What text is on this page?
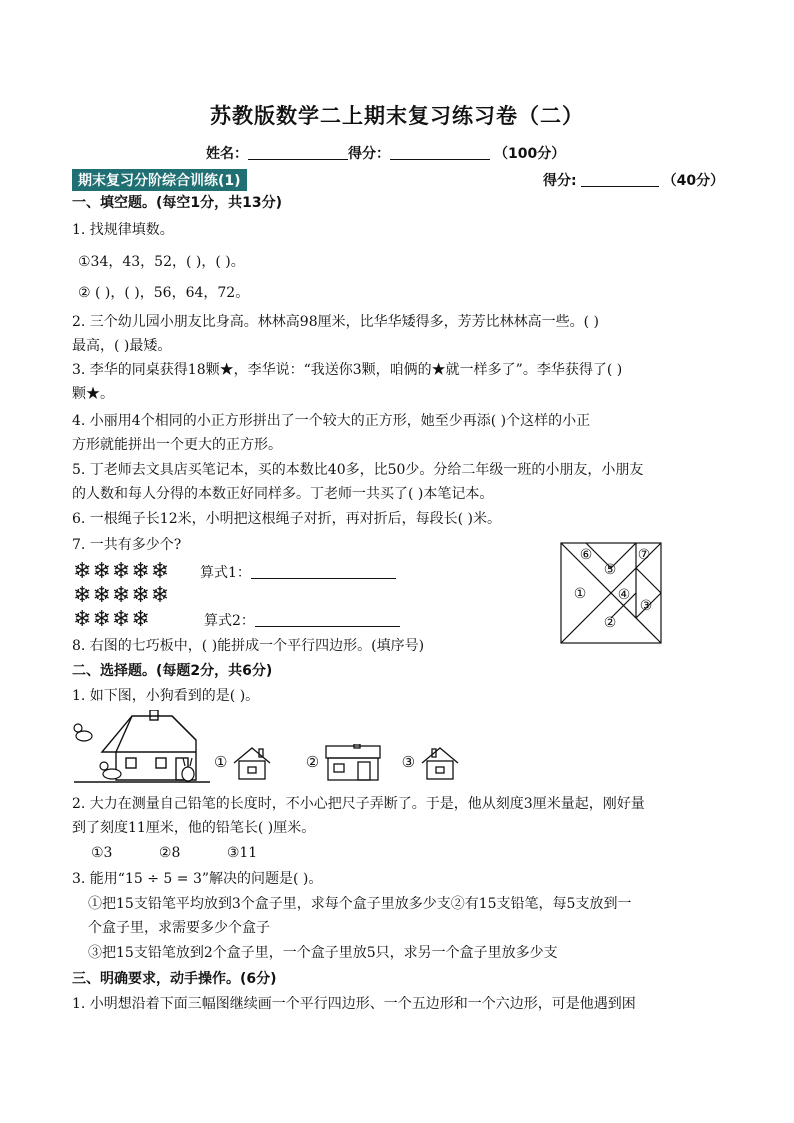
苏教版数学二上期末复习练习卷（二）
姓名：	得分：	（100分）
期末复习分阶综合训练(1)	得分:	（40分）
一、填空题。(每空1分，共13分)
1. 找规律填数。
①34，43，52，( )，( )。
② ( )，( )，56，64，72。
2. 三个幼儿园小朋友比身高。林林高98厘米，比华华矮得多，芳芳比林林高一些。( )
最高，( )最矮。
3. 李华的同桌获得18颗★，李华说：“我送你3颗，咱俩的★就一样多了”。李华获得了( )
颗★。
4. 小丽用4个相同的小正方形拼出了一个较大的正方形，她至少再添( )个这样的小正
方形就能拼出一个更大的正方形。
5. 丁老师去文具店买笔记本，买的本数比40多，比50少。分给二年级一班的小朋友，小朋友
的人数和每人分得的本数正好同样多。丁老师一共买了( )本笔记本。
6. 一根绳子长12米，小明把这根绳子对折，再对折后，每段长( )米。
7. 一共有多少个?
❄❄❄❄❄
❄❄❄❄❄
❄❄❄❄
算式1：
算式2：
⑥	⑦
⑤
① ④
③
②
8. 右图的七巧板中，( )能拼成一个平行四边形。(填序号)
二、选择题。(每题2分，共6分)
1. 如下图，小狗看到的是( )。
①	②	③
2. 大力在测量自己铅笔的长度时，不小心把尺子弄断了。于是，他从刻度3厘米量起，刚好量
到了刻度11厘米，他的铅笔长( )厘米。
①3	②8	③11
3. 能用“15 ÷ 5 = 3”解决的问题是( )。
①把15支铅笔平均放到3个盒子里，求每个盒子里放多少支②有15支铅笔，每5支放到一
个盒子里，求需要多少个盒子
③把15支铅笔放到2个盒子里，一个盒子里放5只，求另一个盒子里放多少支
三、明确要求，动手操作。(6分)
1. 小明想沿着下面三幅图继续画一个平行四边形、一个五边形和一个六边形，可是他遇到困
